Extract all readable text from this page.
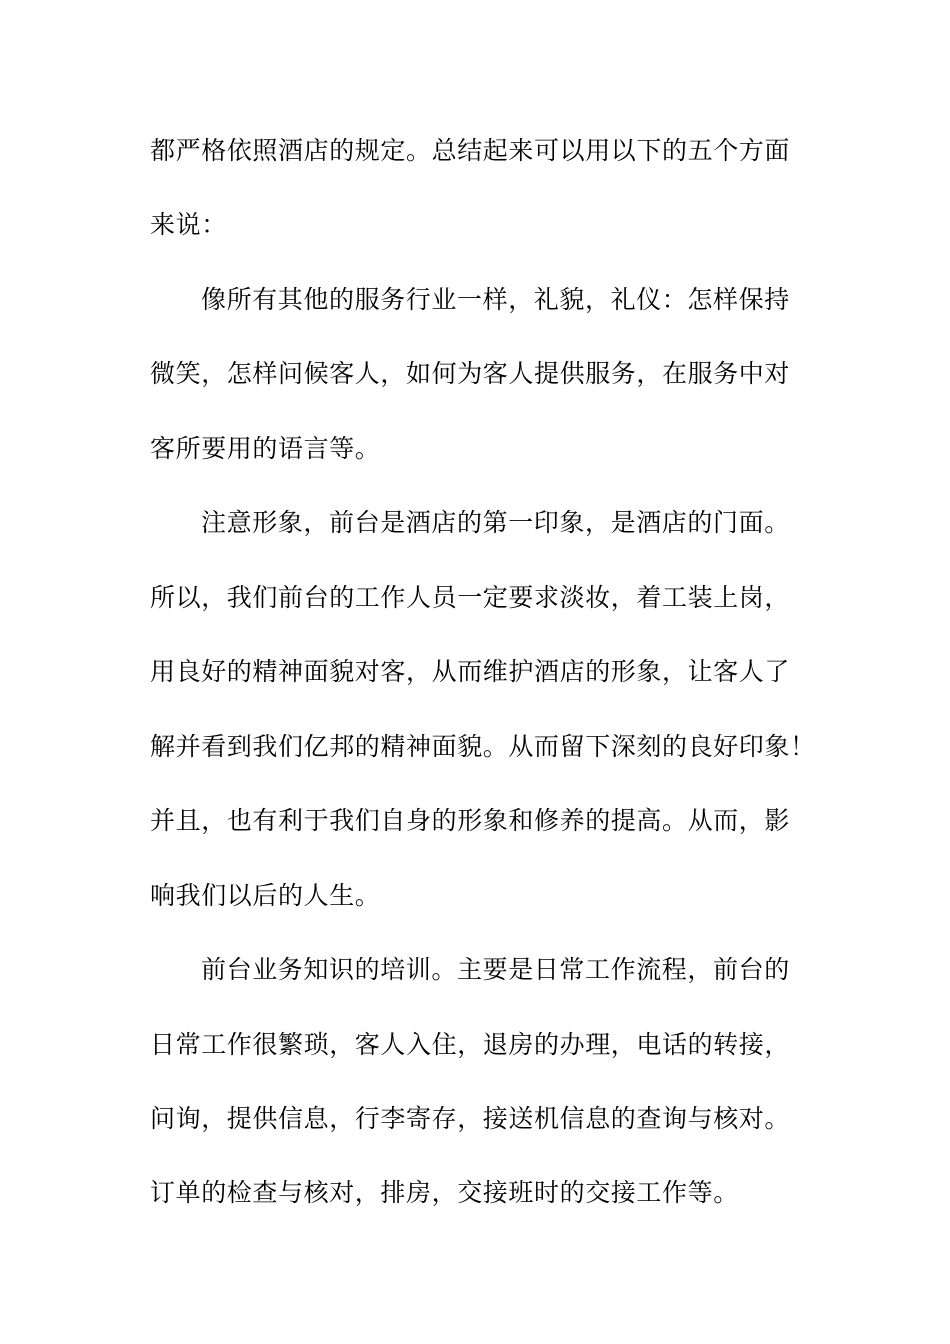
都严格依照酒店的规定。总结起来可以用以下的五个方面
来说：
像所有其他的服务行业一样，礼貌，礼仪：怎样保持
微笑，怎样问候客人，如何为客人提供服务，在服务中对
客所要用的语言等。
注意形象，前台是酒店的第一印象，是酒店的门面。
所以，我们前台的工作人员一定要求淡妆，着工装上岗，
用良好的精神面貌对客，从而维护酒店的形象，让客人了
解并看到我们亿邦的精神面貌。从而留下深刻的良好印象！
并且，也有利于我们自身的形象和修养的提高。从而，影
响我们以后的人生。
前台业务知识的培训。主要是日常工作流程，前台的
日常工作很繁琐，客人入住，退房的办理，电话的转接，
问询，提供信息，行李寄存，接送机信息的查询与核对。
订单的检查与核对，排房，交接班时的交接工作等。
